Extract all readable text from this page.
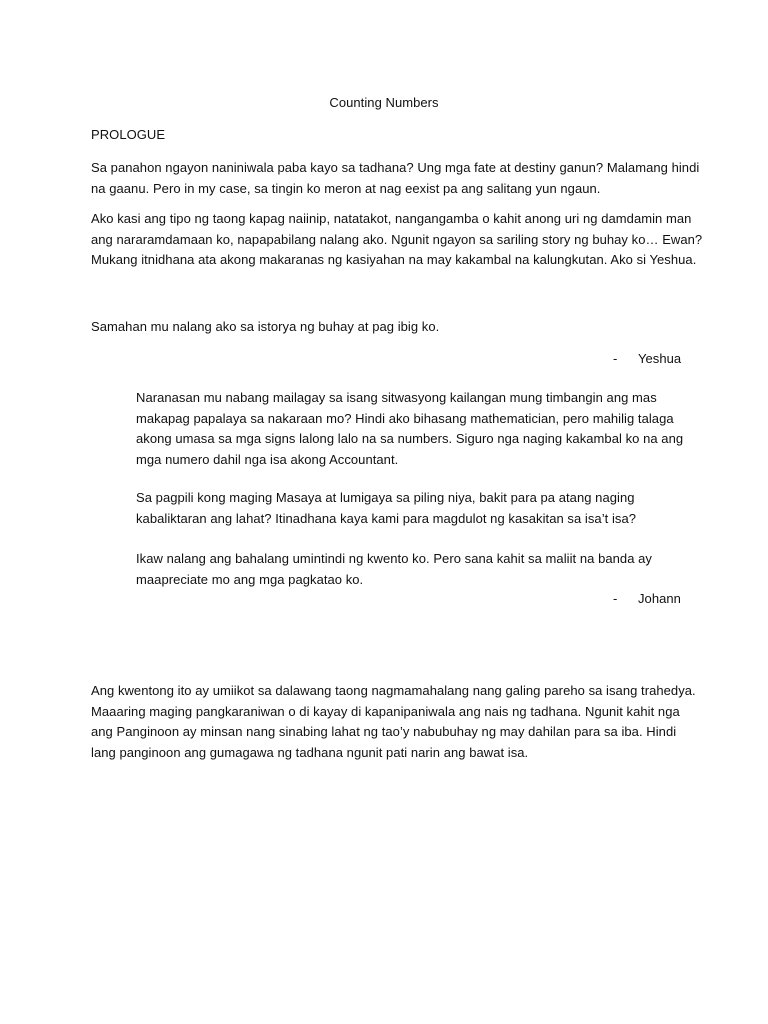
Counting Numbers
PROLOGUE
Sa panahon ngayon naniniwala paba kayo sa tadhana? Ung mga fate at destiny ganun? Malamang hindi
na gaanu. Pero in my case, sa tingin ko meron at nag eexist pa ang salitang yun ngaun.
Ako kasi ang tipo ng taong kapag naiinip, natatakot, nangangamba o kahit anong uri ng damdamin man
ang nararamdamaan ko, napapabilang nalang ako. Ngunit ngayon sa sariling story ng buhay ko… Ewan?
Mukang itnidhana ata akong makaranas ng kasiyahan na may kakambal na kalungkutan. Ako si Yeshua.
Samahan mu nalang ako sa istorya ng buhay at pag ibig ko.
- Yeshua
Naranasan mu nabang mailagay sa isang sitwasyong kailangan mung timbangin ang mas
makapag papalaya sa nakaraan mo? Hindi ako bihasang mathematician, pero mahilig talaga
akong umasa sa mga signs lalong lalo na sa numbers. Siguro nga naging kakambal ko na ang
mga numero dahil nga isa akong Accountant.
Sa pagpili kong maging Masaya at lumigaya sa piling niya, bakit para pa atang naging
kabaliktaran ang lahat? Itinadhana kaya kami para magdulot ng kasakitan sa isa’t isa?
Ikaw nalang ang bahalang umintindi ng kwento ko. Pero sana kahit sa maliit na banda ay
maapreciate mo ang mga pagkatao ko.
- Johann
Ang kwentong ito ay umiikot sa dalawang taong nagmamahalang nang galing pareho sa isang trahedya.
Maaaring maging pangkaraniwan o di kayay di kapanipaniwala ang nais ng tadhana. Ngunit kahit nga
ang Panginoon ay minsan nang sinabing lahat ng tao’y nabubuhay ng may dahilan para sa iba. Hindi
lang panginoon ang gumagawa ng tadhana ngunit pati narin ang bawat isa.
